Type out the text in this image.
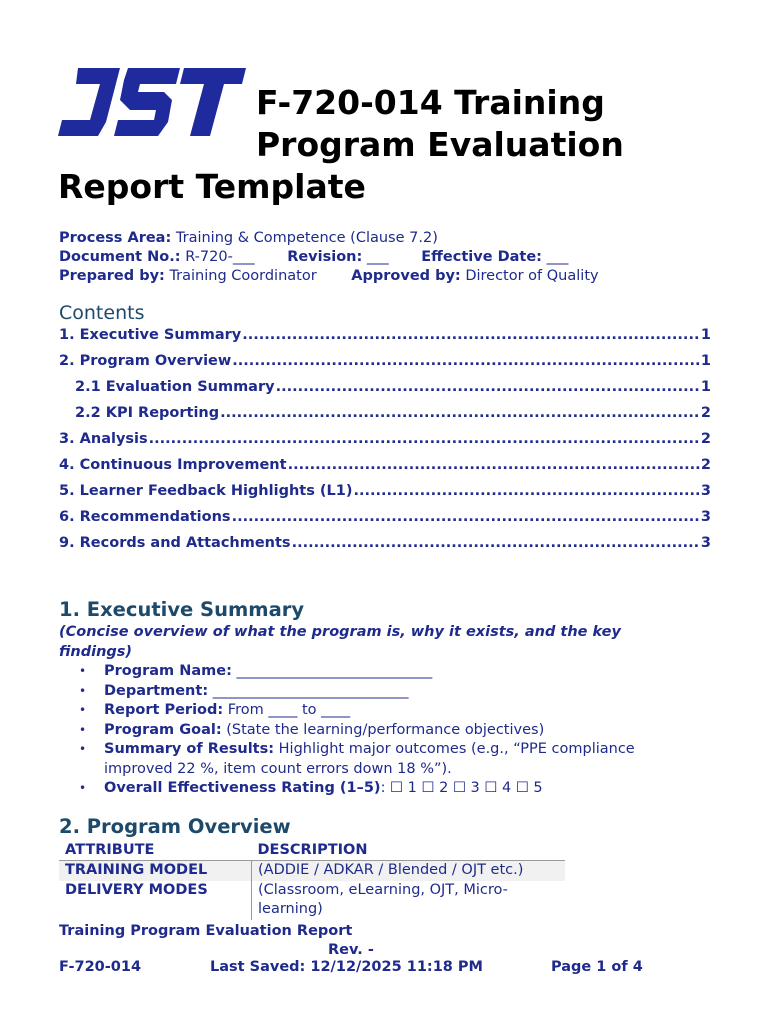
F-720-014 Training
Program Evaluation
Report Template
Process Area: Training & Competence (Clause 7.2)
Document No.: R-720-___ Revision: ___ Effective Date: ___
Prepared by: Training Coordinator Approved by: Director of Quality
Contents
1. Executive Summary .....	1
2. Program Overview .....	1
2.1 Evaluation Summary .....	1
2.2 KPI Reporting .....	2
3. Analysis .....	2
4. Continuous Improvement .....	2
5. Learner Feedback Highlights (L1) .....	3
6. Recommendations .....	3
9. Records and Attachments .....	3
1. Executive Summary
(Concise overview of what the program is, why it exists, and the key findings)
• Program Name: ___________________________
• Department: ___________________________
• Report Period: From ____ to ____
• Program Goal: (State the learning/performance objectives)
• Summary of Results: Highlight major outcomes (e.g., “PPE compliance improved 22 %, item count errors down 18 %”).
• Overall Effectiveness Rating (1–5): ☐ 1 ☐ 2 ☐ 3 ☐ 4 ☐ 5
2. Program Overview
ATTRIBUTE	DESCRIPTION
TRAINING MODEL	(ADDIE / ADKAR / Blended / OJT etc.)
DELIVERY MODES	(Classroom, eLearning, OJT, Micro-learning)
Training Program Evaluation Report
Rev. -
F-720-014	Last Saved: 12/12/2025 11:18 PM	Page 1 of 4
